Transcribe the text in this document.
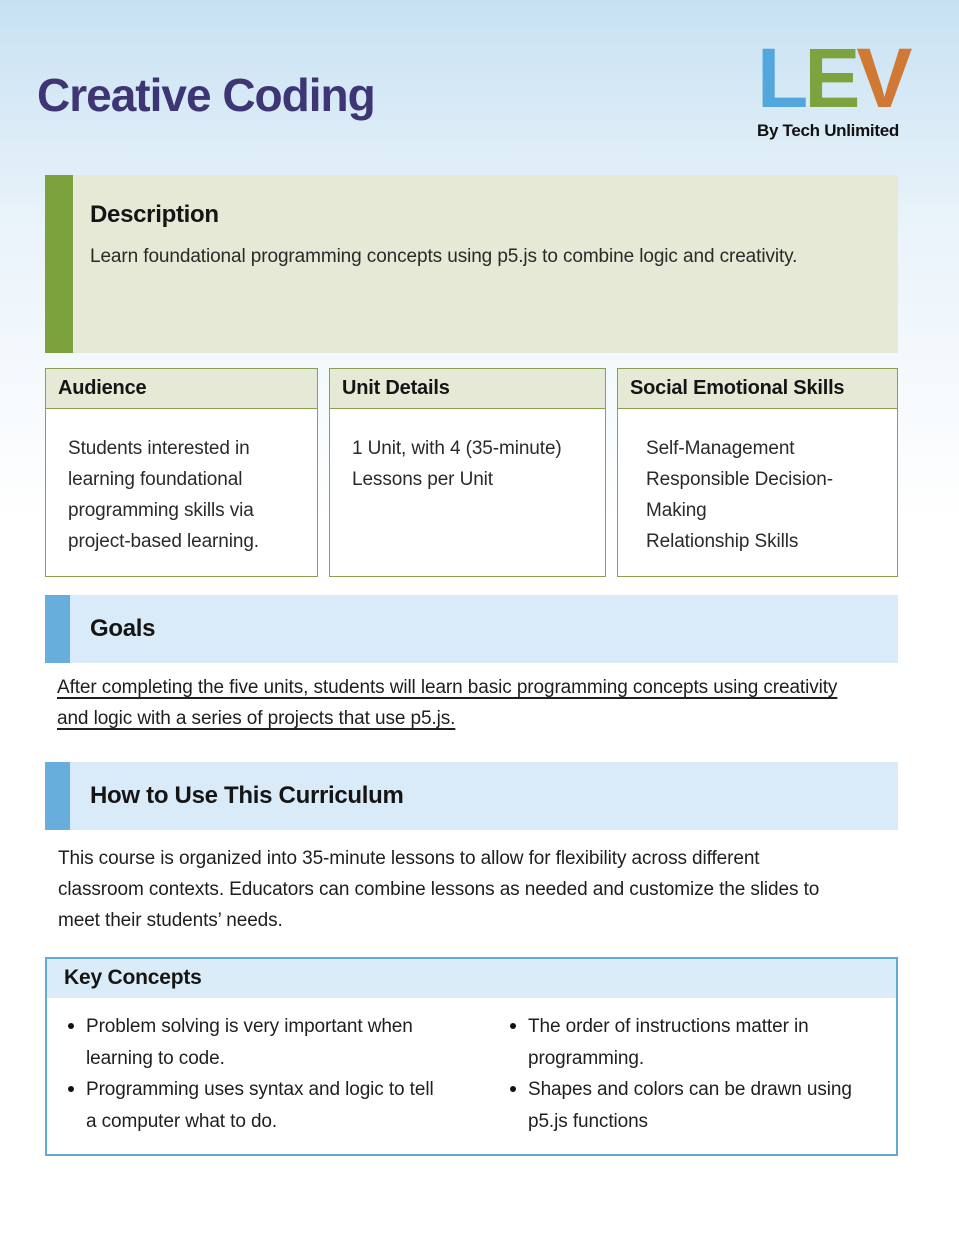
Creative Coding	LEV
By Tech Unlimited
Description
Learn foundational programming concepts using p5.js to combine logic and creativity.
Audience
Students interested in learning foundational programming skills via project-based learning.
Unit Details
1 Unit, with 4 (35-minute) Lessons per Unit
Social Emotional Skills
Self-Management
Responsible Decision-Making
Relationship Skills
Goals
After completing the five units, students will learn basic programming concepts using creativity
and logic with a series of projects that use p5.js.
How to Use This Curriculum
This course is organized into 35-minute lessons to allow for flexibility across different
classroom contexts. Educators can combine lessons as needed and customize the slides to
meet their students’ needs.
Key Concepts
Problem solving is very important when learning to code.
Programming uses syntax and logic to tell a computer what to do.
The order of instructions matter in programming.
Shapes and colors can be drawn using p5.js functions
